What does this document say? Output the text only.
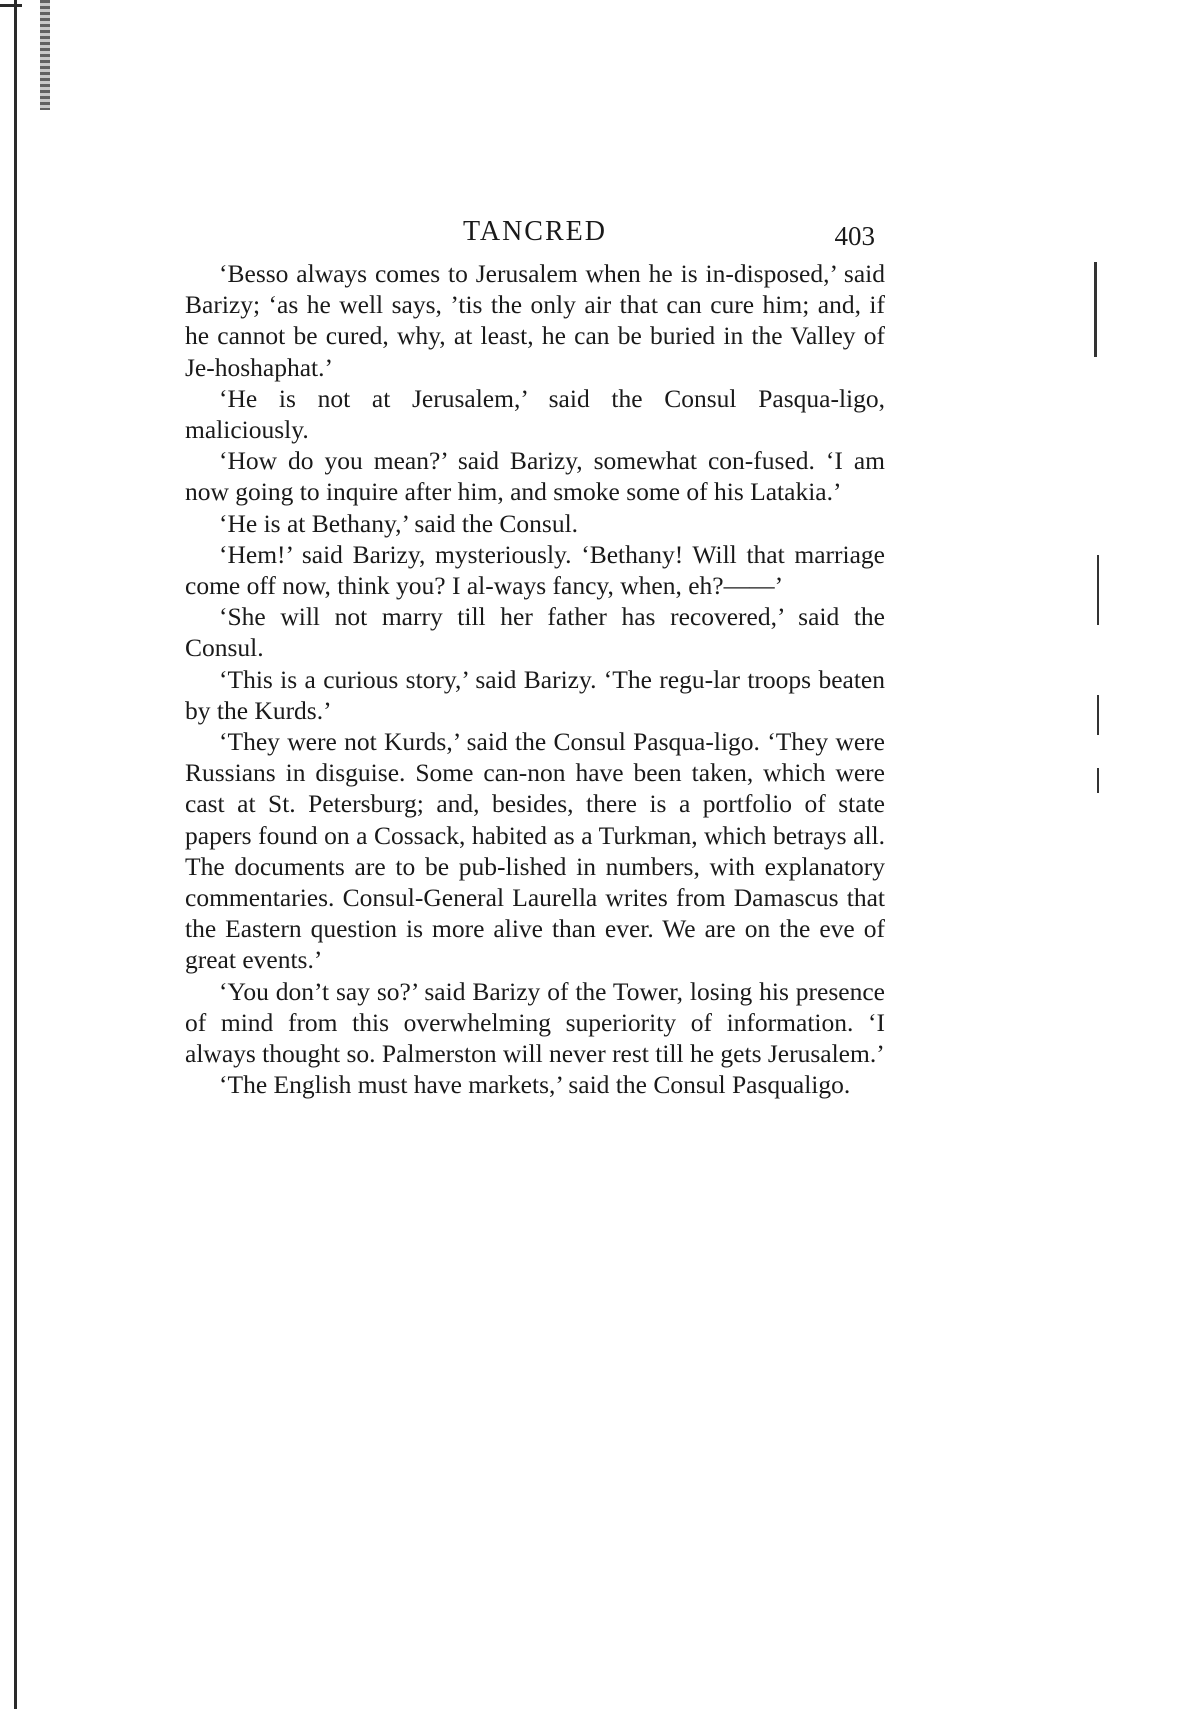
TANCRED	403

‘Besso always comes to Jerusalem when he is in-disposed,’ said Barizy; ‘as he well says, ’tis the only air that can cure him; and, if he cannot be cured, why, at least, he can be buried in the Valley of Je-hoshaphat.’

‘He is not at Jerusalem,’ said the Consul Pasqua-ligo, maliciously.

‘How do you mean?’ said Barizy, somewhat con-fused. ‘I am now going to inquire after him, and smoke some of his Latakia.’

‘He is at Bethany,’ said the Consul.

‘Hem!’ said Barizy, mysteriously. ‘Bethany! Will that marriage come off now, think you? I al-ways fancy, when, eh?——’

‘She will not marry till her father has recovered,’ said the Consul.

‘This is a curious story,’ said Barizy. ‘The regu-lar troops beaten by the Kurds.’

‘They were not Kurds,’ said the Consul Pasqua-ligo. ‘They were Russians in disguise. Some can-non have been taken, which were cast at St. Petersburg; and, besides, there is a portfolio of state papers found on a Cossack, habited as a Turkman, which betrays all. The documents are to be pub-lished in numbers, with explanatory commentaries. Consul-General Laurella writes from Damascus that the Eastern question is more alive than ever. We are on the eve of great events.’

‘You don’t say so?’ said Barizy of the Tower, losing his presence of mind from this overwhelming superiority of information. ‘I always thought so. Palmerston will never rest till he gets Jerusalem.’

‘The English must have markets,’ said the Consul Pasqualigo.
